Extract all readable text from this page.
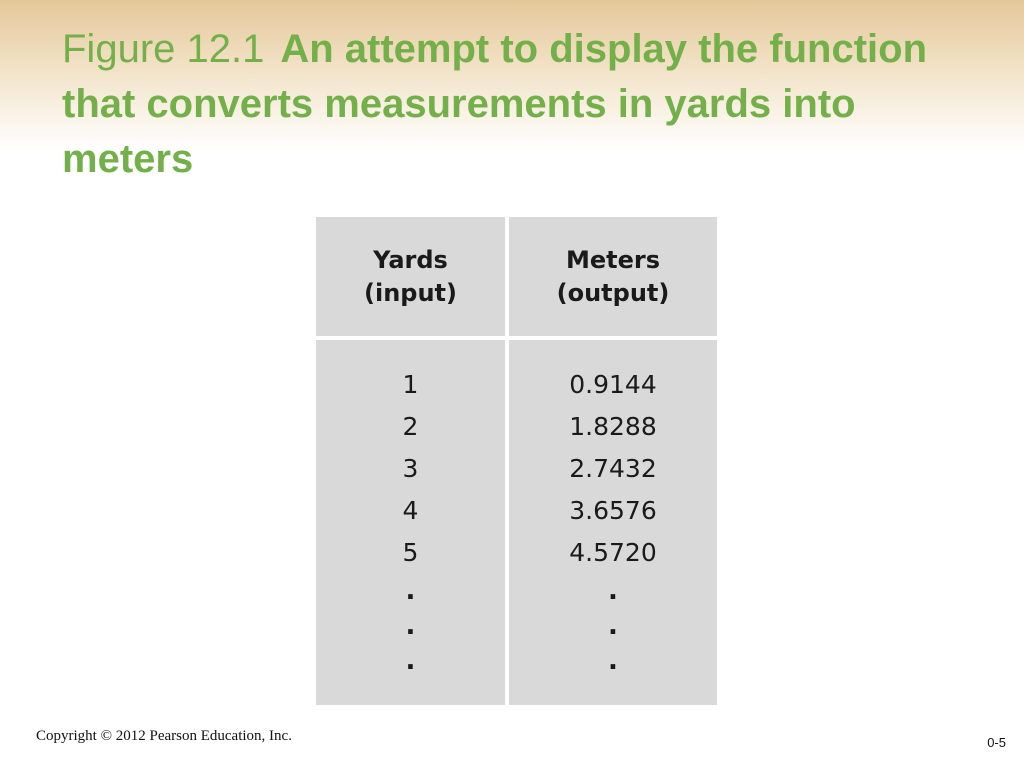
Figure 12.1 An attempt to display the function that converts measurements in yards into meters
Yards
(input)
Meters
(output)
1
2
3
4
5
.
.
.
0.9144
1.8288
2.7432
3.6576
4.5720
.
.
.
Copyright © 2012 Pearson Education, Inc.	0-5
